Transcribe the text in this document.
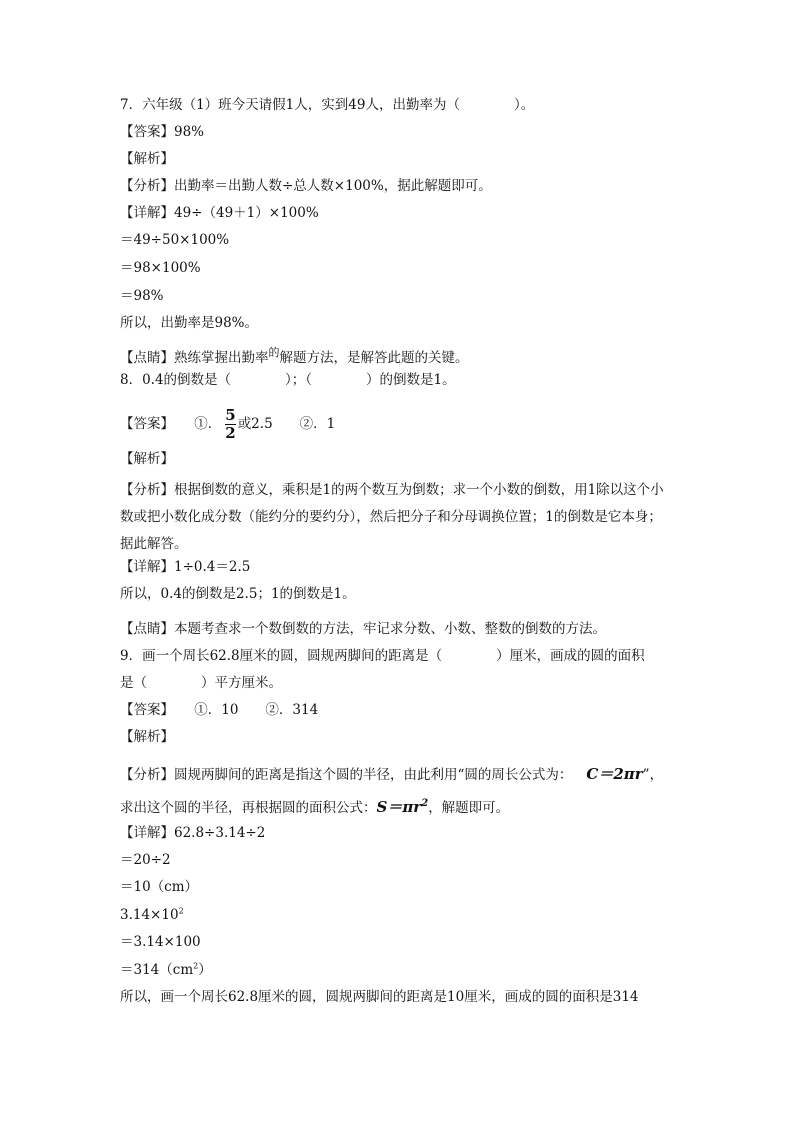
7．六年级（1）班今天请假1人，实到49人，出勤率为（　　　　）。
【答案】98%
【解析】
【分析】出勤率＝出勤人数÷总人数×100%，据此解题即可。
【详解】49÷（49＋1）×100%
＝49÷50×100%
＝98×100%
＝98%
所以，出勤率是98%。
【点睛】熟练掌握出勤率$^的$解题方法，是解答此题的关键。
8．0.4的倒数是（　　　　）；（　　　　）的倒数是1。
【答案】　　①． $\frac{5}{2}$ 或2.5　　②．1
【解析】
【分析】根据倒数的意义，乘积是1的两个数互为倒数；求一个小数的倒数，用1除以这个小数或把小数化成分数（能约分的要约分），然后把分子和分母调换位置；1的倒数是它本身；据此解答。
【详解】1÷0.4＝2.5
所以，0.4的倒数是2.5；1的倒数是1。
【点睛】本题考查求一个数倒数的方法，牢记求分数、小数、整数的倒数的方法。
9．画一个周长62.8厘米的圆，圆规两脚间的距离是（　　　　）厘米，画成的圆的面积
是（　　　　）平方厘米。
【答案】　　①．10　　②．314
【解析】
【分析】圆规两脚间的距离是指这个圆的半径，由此利用“圆的周长公式为： C＝2πr”，
求出这个圆的半径，再根据圆的面积公式：$S=\pi r^2$，解题即可。
【详解】62.8÷3.14÷2
＝20÷2
＝10（cm）
$3.14\times 10^2$
＝3.14×100
$=314(cm^2)$
所以，画一个周长62.8厘米的圆，圆规两脚间的距离是10厘米，画成的圆的面积是314
